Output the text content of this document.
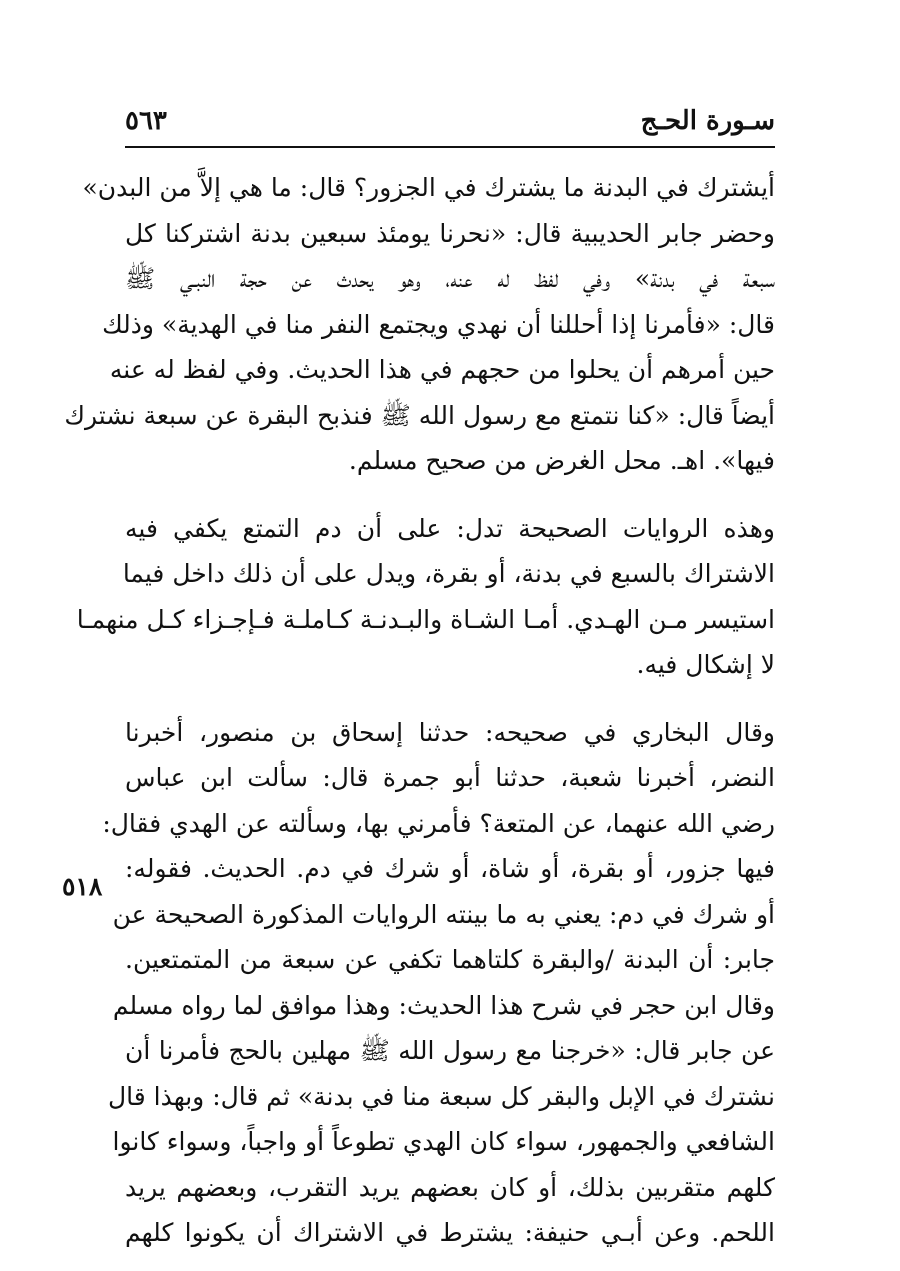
سـورة الحـج
٥٦٣
٥١٨
أيشترك في البدنة ما يشترك في الجزور؟ قال: ما هي إلاَّ من البدن»
وحضر جابر الحديبية قال: «نحرنا يومئذ سبعين بدنة اشتركنا كل
سبعة في بدنة» وفي لفظ له عنه، وهو يحدث عن حجة النبـي ﷺ
قال: «فأمرنا إذا أحللنا أن نهدي ويجتمع النفر منا في الهدية» وذلك
حين أمرهم أن يحلوا من حجهم في هذا الحديث. وفي لفظ له عنه
أيضاً قال: «كنا نتمتع مع رسول الله ﷺ فنذبح البقرة عن سبعة نشترك
فيها». اهـ. محل الغرض من صحيح مسلم.
وهذه الروايات الصحيحة تدل: على أن دم التمتع يكفي فيه
الاشتراك بالسبع في بدنة، أو بقرة، ويدل على أن ذلك داخل فيما
استيسر مـن الهـدي. أمـا الشـاة والبـدنـة كـاملـة فـإجـزاء كـل منهمـا
لا إشكال فيه.
وقال البخاري في صحيحه: حدثنا إسحاق بن منصور، أخبرنا
النضر، أخبرنا شعبة، حدثنا أبو جمرة قال: سألت ابن عباس
رضي الله عنهما، عن المتعة؟ فأمرني بها، وسألته عن الهدي فقال:
فيها جزور، أو بقرة، أو شاة، أو شرك في دم. الحديث. فقوله:
أو شرك في دم: يعني به ما بينته الروايات المذكورة الصحيحة عن
جابر: أن البدنة /والبقرة كلتاهما تكفي عن سبعة من المتمتعين.
وقال ابن حجر في شرح هذا الحديث: وهذا موافق لما رواه مسلم
عن جابر قال: «خرجنا مع رسول الله ﷺ مهلين بالحج فأمرنا أن
نشترك في الإبل والبقر كل سبعة منا في بدنة» ثم قال: وبهذا قال
الشافعي والجمهور، سواء كان الهدي تطوعاً أو واجباً، وسواء كانوا
كلهم متقربين بذلك، أو كان بعضهم يريد التقرب، وبعضهم يريد
اللحم. وعن أبـي حنيفة: يشترط في الاشتراك أن يكونوا كلهم
